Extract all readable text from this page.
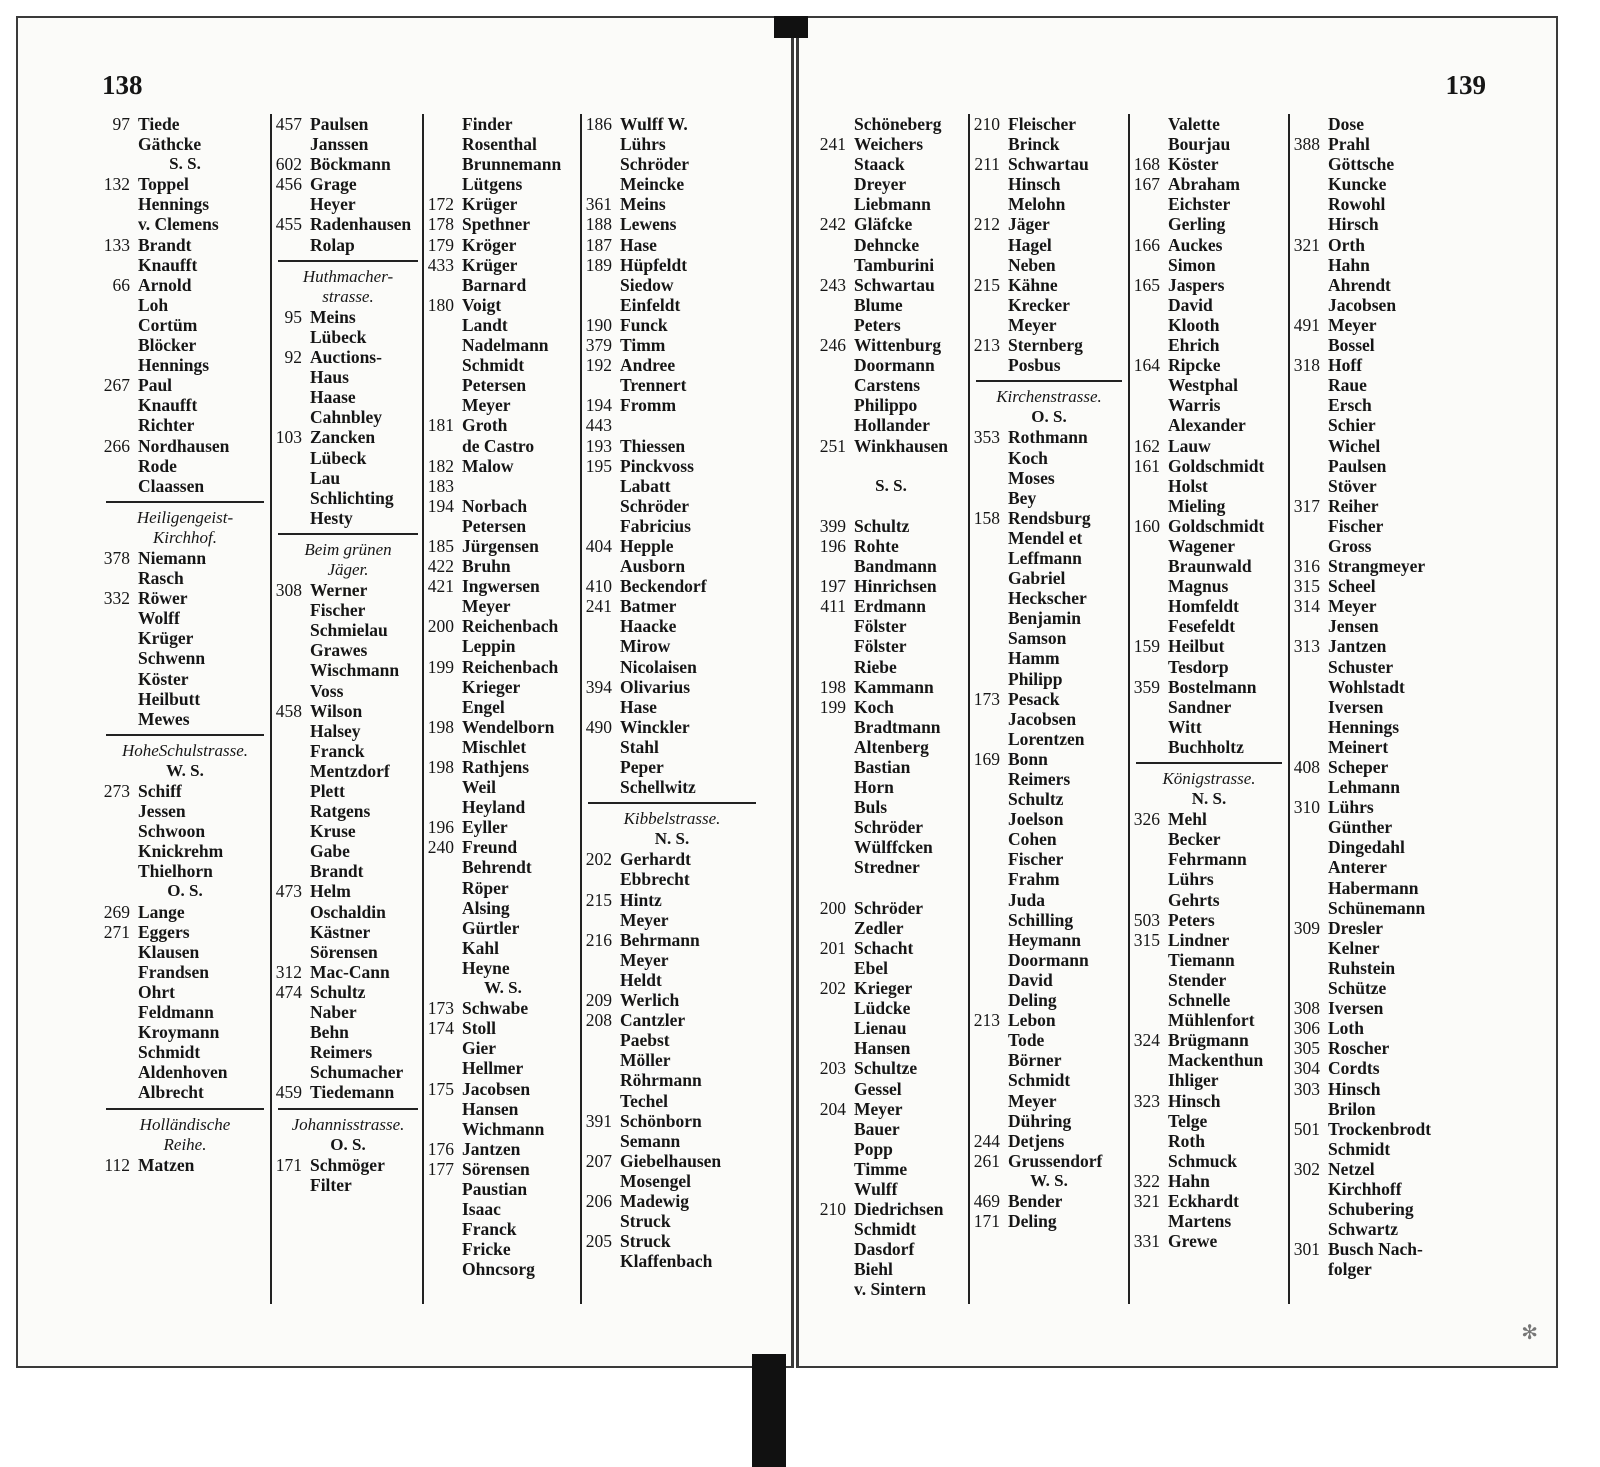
138	139
✻
97 Tiede
Gäthcke
S. S.
132 Toppel
Hennings
v. Clemens
133 Brandt
Knaufft
66 Arnold
Loh
Cortüm
Blöcker
Hennings
267 Paul
Knaufft
Richter
266 Nordhausen
Rode
Claassen
Heiligengeist-
Kirchhof.
378 Niemann
Rasch
332 Röwer
Wolff
Krüger
Schwenn
Köster
Heilbutt
Mewes
HoheSchulstrasse.
W. S.
273 Schiff
Jessen
Schwoon
Knickrehm
Thielhorn
O. S.
269 Lange
271 Eggers
Klausen
Frandsen
Ohrt
Feldmann
Kroymann
Schmidt
Aldenhoven
Albrecht
Holländische
Reihe.
112 Matzen
457 Paulsen
Janssen
602 Böckmann
456 Grage
Heyer
455 Radenhausen
Rolap
Huthmacher-
strasse.
95 Meins
Lübeck
92 Auctions-
Haus
Haase
Cahnbley
103 Zancken
Lübeck
Lau
Schlichting
Hesty
Beim grünen
Jäger.
308 Werner
Fischer
Schmielau
Grawes
Wischmann
Voss
458 Wilson
Halsey
Franck
Mentzdorf
Plett
Ratgens
Kruse
Gabe
Brandt
473 Helm
Oschaldin
Kästner
Sörensen
312 Mac-Cann
474 Schultz
Naber
Behn
Reimers
Schumacher
459 Tiedemann
Johannisstrasse.
O. S.
171 Schmöger
Filter
Finder
Rosenthal
Brunnemann
Lütgens
172 Krüger
178 Spethner
179 Kröger
433 Krüger
Barnard
180 Voigt
Landt
Nadelmann
Schmidt
Petersen
Meyer
181 Groth
de Castro
182 Malow
183
194 Norbach
Petersen
185 Jürgensen
422 Bruhn
421 Ingwersen
Meyer
200 Reichenbach
Leppin
199 Reichenbach
Krieger
Engel
198 Wendelborn
Mischlet
198 Rathjens
Weil
Heyland
196 Eyller
240 Freund
Behrendt
Röper
Alsing
Gürtler
Kahl
Heyne
W. S.
173 Schwabe
174 Stoll
Gier
Hellmer
175 Jacobsen
Hansen
Wichmann
176 Jantzen
177 Sörensen
Paustian
Isaac
Franck
Fricke
Ohncsorg
186 Wulff W.
Lührs
Schröder
Meincke
361 Meins
188 Lewens
187 Hase
189 Hüpfeldt
Siedow
Einfeldt
190 Funck
379 Timm
192 Andree
Trennert
194 Fromm
443
193 Thiessen
195 Pinckvoss
Labatt
Schröder
Fabricius
404 Hepple
Ausborn
410 Beckendorf
241 Batmer
Haacke
Mirow
Nicolaisen
394 Olivarius
Hase
490 Winckler
Stahl
Peper
Schellwitz
Kibbelstrasse.
N. S.
202 Gerhardt
Ebbrecht
215 Hintz
Meyer
216 Behrmann
Meyer
Heldt
209 Werlich
208 Cantzler
Paebst
Möller
Röhrmann
Techel
391 Schönborn
Semann
207 Giebelhausen
Mosengel
206 Madewig
Struck
205 Struck
Klaffenbach
Schöneberg
241 Weichers
Staack
Dreyer
Liebmann
242 Gläfcke
Dehncke
Tamburini
243 Schwartau
Blume
Peters
246 Wittenburg
Doormann
Carstens
Philippo
Hollander
251 Winkhausen
S. S.
399 Schultz
196 Rohte
Bandmann
197 Hinrichsen
411 Erdmann
Fölster
Fölster
Riebe
198 Kammann
199 Koch
Bradtmann
Altenberg
Bastian
Horn
Buls
Schröder
Wülffcken
Stredner
200 Schröder
Zedler
201 Schacht
Ebel
202 Krieger
Lüdcke
Lienau
Hansen
203 Schultze
Gessel
204 Meyer
Bauer
Popp
Timme
Wulff
210 Diedrichsen
Schmidt
Dasdorf
Biehl
v. Sintern
210 Fleischer
Brinck
211 Schwartau
Hinsch
Melohn
212 Jäger
Hagel
Neben
215 Kähne
Krecker
Meyer
213 Sternberg
Posbus
Kirchenstrasse.
O. S.
353 Rothmann
Koch
Moses
Bey
158 Rendsburg
Mendel et
Leffmann
Gabriel
Heckscher
Benjamin
Samson
Hamm
Philipp
173 Pesack
Jacobsen
Lorentzen
169 Bonn
Reimers
Schultz
Joelson
Cohen
Fischer
Frahm
Juda
Schilling
Heymann
Doormann
David
Deling
213 Lebon
Tode
Börner
Schmidt
Meyer
Dühring
244 Detjens
261 Grussendorf
W. S.
469 Bender
171 Deling
Valette
Bourjau
168 Köster
167 Abraham
Eichster
Gerling
166 Auckes
Simon
165 Jaspers
David
Klooth
Ehrich
164 Ripcke
Westphal
Warris
Alexander
162 Lauw
161 Goldschmidt
Holst
Mieling
160 Goldschmidt
Wagener
Braunwald
Magnus
Homfeldt
Fesefeldt
159 Heilbut
Tesdorp
359 Bostelmann
Sandner
Witt
Buchholtz
Königstrasse.
N. S.
326 Mehl
Becker
Fehrmann
Lührs
Gehrts
503 Peters
315 Lindner
Tiemann
Stender
Schnelle
Mühlenfort
324 Brügmann
Mackenthun
Ihliger
323 Hinsch
Telge
Roth
Schmuck
322 Hahn
321 Eckhardt
Martens
331 Grewe
Dose
388 Prahl
Göttsche
Kuncke
Rowohl
Hirsch
321 Orth
Hahn
Ahrendt
Jacobsen
491 Meyer
Bossel
318 Hoff
Raue
Ersch
Schier
Wichel
Paulsen
Stöver
317 Reiher
Fischer
Gross
316 Strangmeyer
315 Scheel
314 Meyer
Jensen
313 Jantzen
Schuster
Wohlstadt
Iversen
Hennings
Meinert
408 Scheper
Lehmann
310 Lührs
Günther
Dingedahl
Anterer
Habermann
Schünemann
309 Dresler
Kelner
Ruhstein
Schütze
308 Iversen
306 Loth
305 Roscher
304 Cordts
303 Hinsch
Brilon
501 Trockenbrodt
Schmidt
302 Netzel
Kirchhoff
Schubering
Schwartz
301 Busch Nach-
folger
